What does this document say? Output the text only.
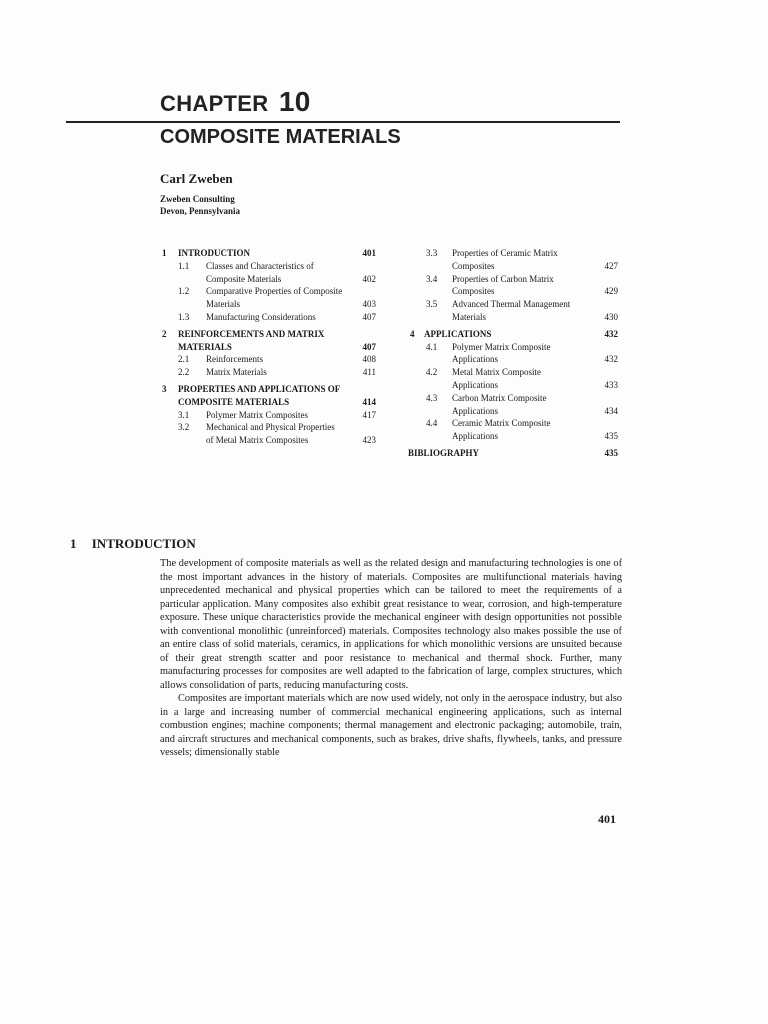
CHAPTER 10
COMPOSITE MATERIALS
Carl Zweben
Zweben Consulting
Devon, Pennsylvania
1 INTRODUCTION	401
1.1 Classes and Characteristics of Composite Materials	402
1.2 Comparative Properties of Composite Materials	403
1.3 Manufacturing Considerations	407
2 REINFORCEMENTS AND MATRIX MATERIALS	407
2.1 Reinforcements	408
2.2 Matrix Materials	411
3 PROPERTIES AND APPLICATIONS OF COMPOSITE MATERIALS	414
3.1 Polymer Matrix Composites	417
3.2 Mechanical and Physical Properties of Metal Matrix Composites	423
3.3 Properties of Ceramic Matrix Composites	427
3.4 Properties of Carbon Matrix Composites	429
3.5 Advanced Thermal Management Materials	430
4 APPLICATIONS	432
4.1 Polymer Matrix Composite Applications	432
4.2 Metal Matrix Composite Applications	433
4.3 Carbon Matrix Composite Applications	434
4.4 Ceramic Matrix Composite Applications	435
BIBLIOGRAPHY	435
1 INTRODUCTION

The development of composite materials as well as the related design and manufacturing technologies is one of the most important advances in the history of materials. Composites are multifunctional materials having unprecedented mechanical and physical properties which can be tailored to meet the requirements of a particular application. Many composites also exhibit great resistance to wear, corrosion, and high-temperature exposure. These unique characteristics provide the mechanical engineer with design opportunities not possible with conventional monolithic (unreinforced) materials. Composites technology also makes possible the use of an entire class of solid materials, ceramics, in applications for which monolithic versions are unsuited because of their great strength scatter and poor resistance to mechanical and thermal shock. Further, many manufacturing processes for composites are well adapted to the fabrication of large, complex structures, which allows consolidation of parts, reducing manufacturing costs.

Composites are important materials which are now used widely, not only in the aerospace industry, but also in a large and increasing number of commercial mechanical engineering applications, such as internal combustion engines; machine components; thermal management and electronic packaging; automobile, train, and aircraft structures and mechanical components, such as brakes, drive shafts, flywheels, tanks, and pressure vessels; dimensionally stable

401
